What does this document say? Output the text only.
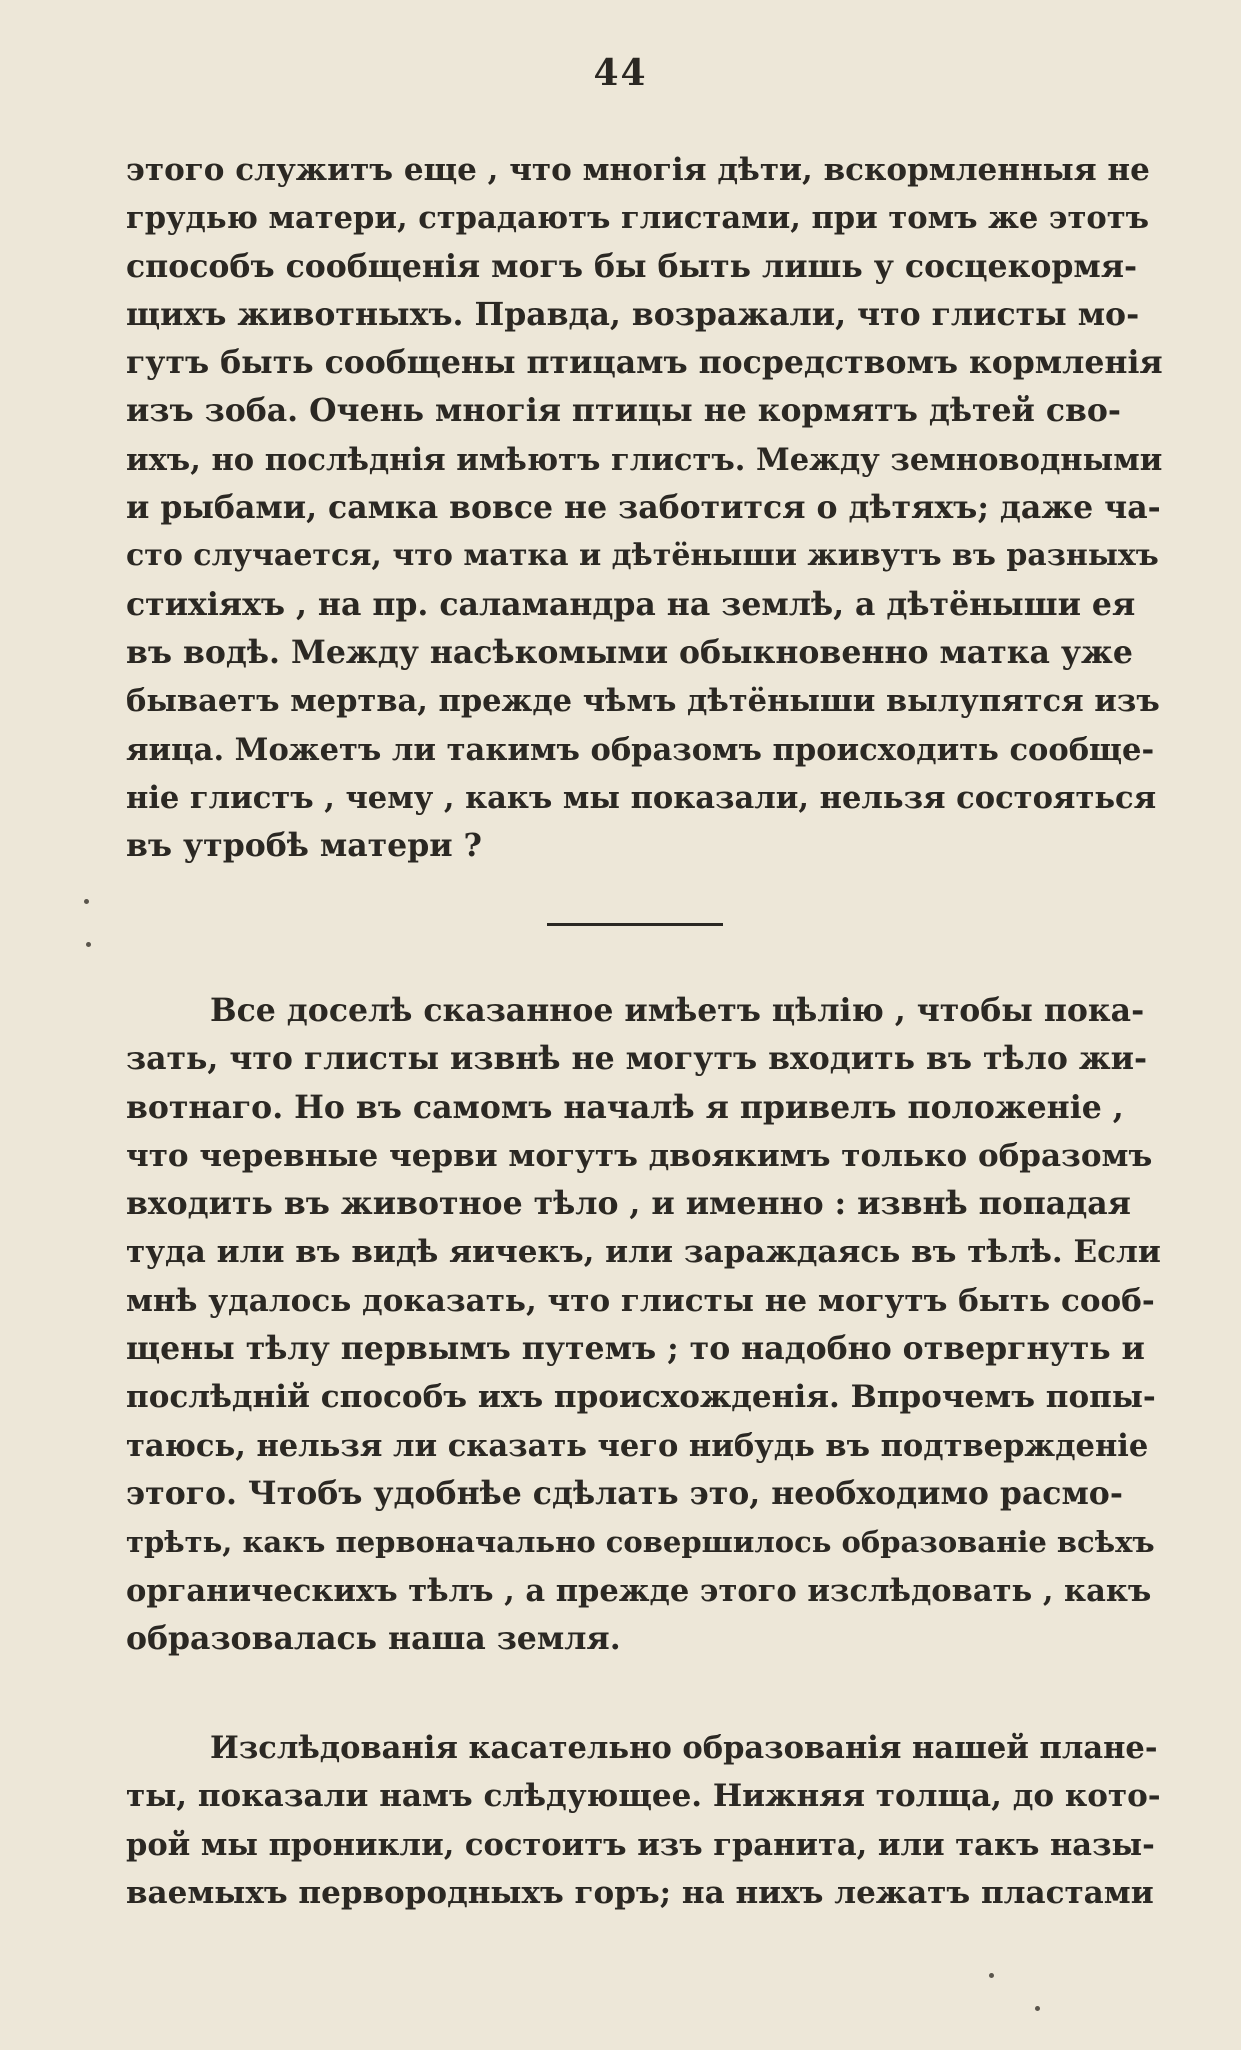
44
этого служитъ еще , что многія дѣти, вскормленныя не
грудью матери, страдаютъ глистами, при томъ же этотъ
способъ сообщенія могъ бы быть лишь у сосцекормя-
щихъ животныхъ. Правда, возражали, что глисты мо-
гутъ быть сообщены птицамъ посредствомъ кормленія
изъ зоба. Очень многія птицы не кормятъ дѣтей сво-
ихъ, но послѣднія имѣютъ глистъ. Между земноводными
и рыбами, самка вовсе не заботится о дѣтяхъ; даже ча-
сто случается, что матка и дѣтёныши живутъ въ разныхъ
стихіяхъ , на пр. саламандра на землѣ, а дѣтёныши ея
въ водѣ. Между насѣкомыми обыкновенно матка уже
бываетъ мертва, прежде чѣмъ дѣтёныши вылупятся изъ
яица. Можетъ ли такимъ образомъ происходить сообще-
ніе глистъ , чему , какъ мы показали, нельзя состояться
въ утробѣ матери ?
Все доселѣ сказанное имѣетъ цѣлію , чтобы пока-
зать, что глисты извнѣ не могутъ входить въ тѣло жи-
вотнаго. Но въ самомъ началѣ я привелъ положеніе ,
что черевные черви могутъ двоякимъ только образомъ
входить въ животное тѣло , и именно : извнѣ попадая
туда или въ видѣ яичекъ, или зараждаясь въ тѣлѣ. Если
мнѣ удалось доказать, что глисты не могутъ быть сооб-
щены тѣлу первымъ путемъ ; то надобно отвергнуть и
послѣдній способъ ихъ происхожденія. Впрочемъ попы-
таюсь, нельзя ли сказать чего нибудь въ подтвержденіе
этого. Чтобъ удобнѣе сдѣлать это, необходимо расмо-
трѣть, какъ первоначально совершилось образованіе всѣхъ
органическихъ тѣлъ , а прежде этого изслѣдовать , какъ
образовалась наша земля.
Изслѣдованія касательно образованія нашей плане-
ты, показали намъ слѣдующее. Нижняя толща, до кото-
рой мы проникли, состоитъ изъ гранита, или такъ назы-
ваемыхъ первородныхъ горъ; на нихъ лежатъ пластами
